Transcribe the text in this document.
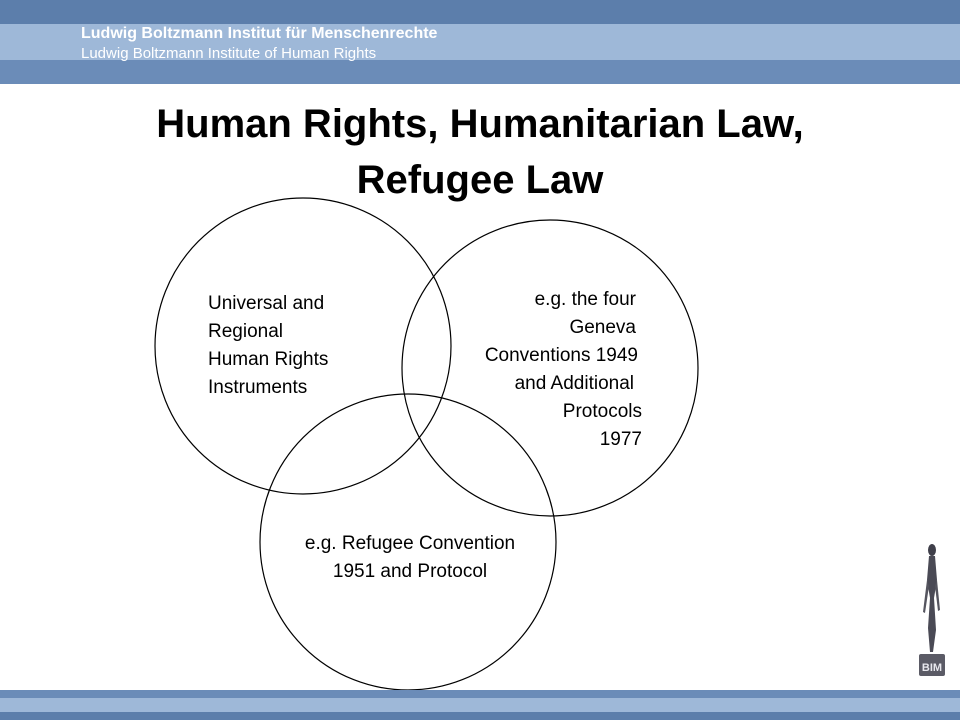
Ludwig Boltzmann Institut für Menschenrechte
Ludwig Boltzmann Institute of Human Rights
Human Rights, Humanitarian Law,
Refugee Law
Universal and
Regional
Human Rights
Instruments
e.g. the four
Geneva
Conventions 1949
and Additional
Protocols
1977
e.g. Refugee Convention
1951 and Protocol
BIM
